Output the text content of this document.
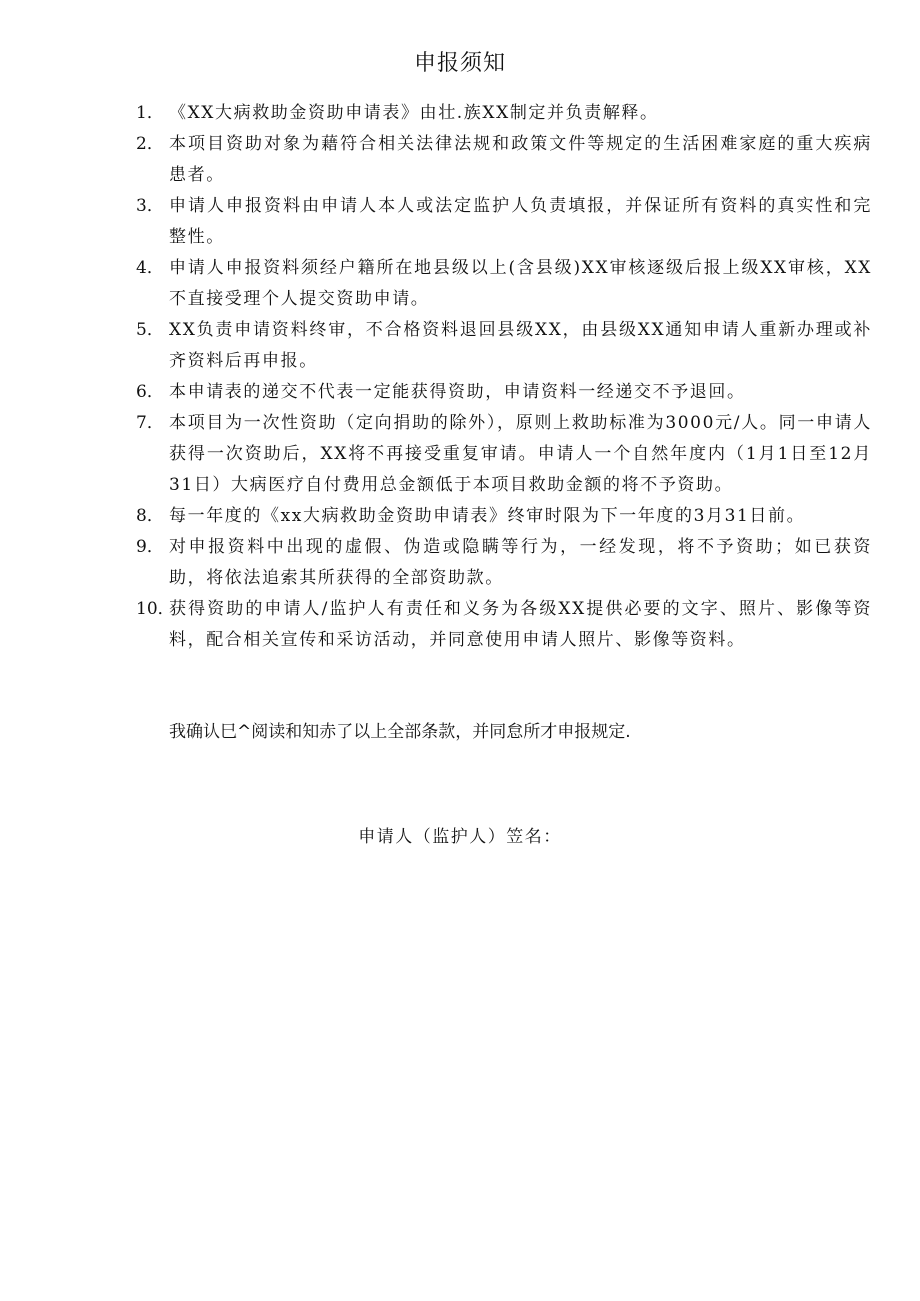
申报须知
1． 《XX大病救助金资助申请表》由壮.族XX制定并负责解释。
2． 本项目资助对象为藉符合相关法律法规和政策文件等规定的生活困难家庭的重大疾病患者。
3． 申请人申报资料由申请人本人或法定监护人负责填报，并保证所有资料的真实性和完整性。
4． 申请人申报资料须经户籍所在地县级以上(含县级)XX审核逐级后报上级XX审核，XX不直接受理个人提交资助申请。
5． XX负责申请资料终审，不合格资料退回县级XX，由县级XX通知申请人重新办理或补齐资料后再申报。
6． 本申请表的递交不代表一定能获得资助，申请资料一经递交不予退回。
7． 本项目为一次性资助（定向捐助的除外），原则上救助标准为3000元/人。同一申请人获得一次资助后，XX将不再接受重复审请。申请人一个自然年度内（1月1日至12月31日）大病医疗自付费用总金额低于本项目救助金额的将不予资助。
8． 每一年度的《xx大病救助金资助申请表》终审时限为下一年度的3月31日前。
9． 对申报资料中出现的虚假、伪造或隐瞒等行为，一经发现，将不予资助；如已获资助，将依法追索其所获得的全部资助款。
10．
获得资助的申请人/监护人有责任和义务为各级XX提供必要的文字、照片、影像等资料，配合相关宣传和采访活动，并同意使用申请人照片、影像等资料。
我确认巳^阅读和知赤了以上全部条款，并同怠所才申报规定.
申请人（监护人）笠名：
